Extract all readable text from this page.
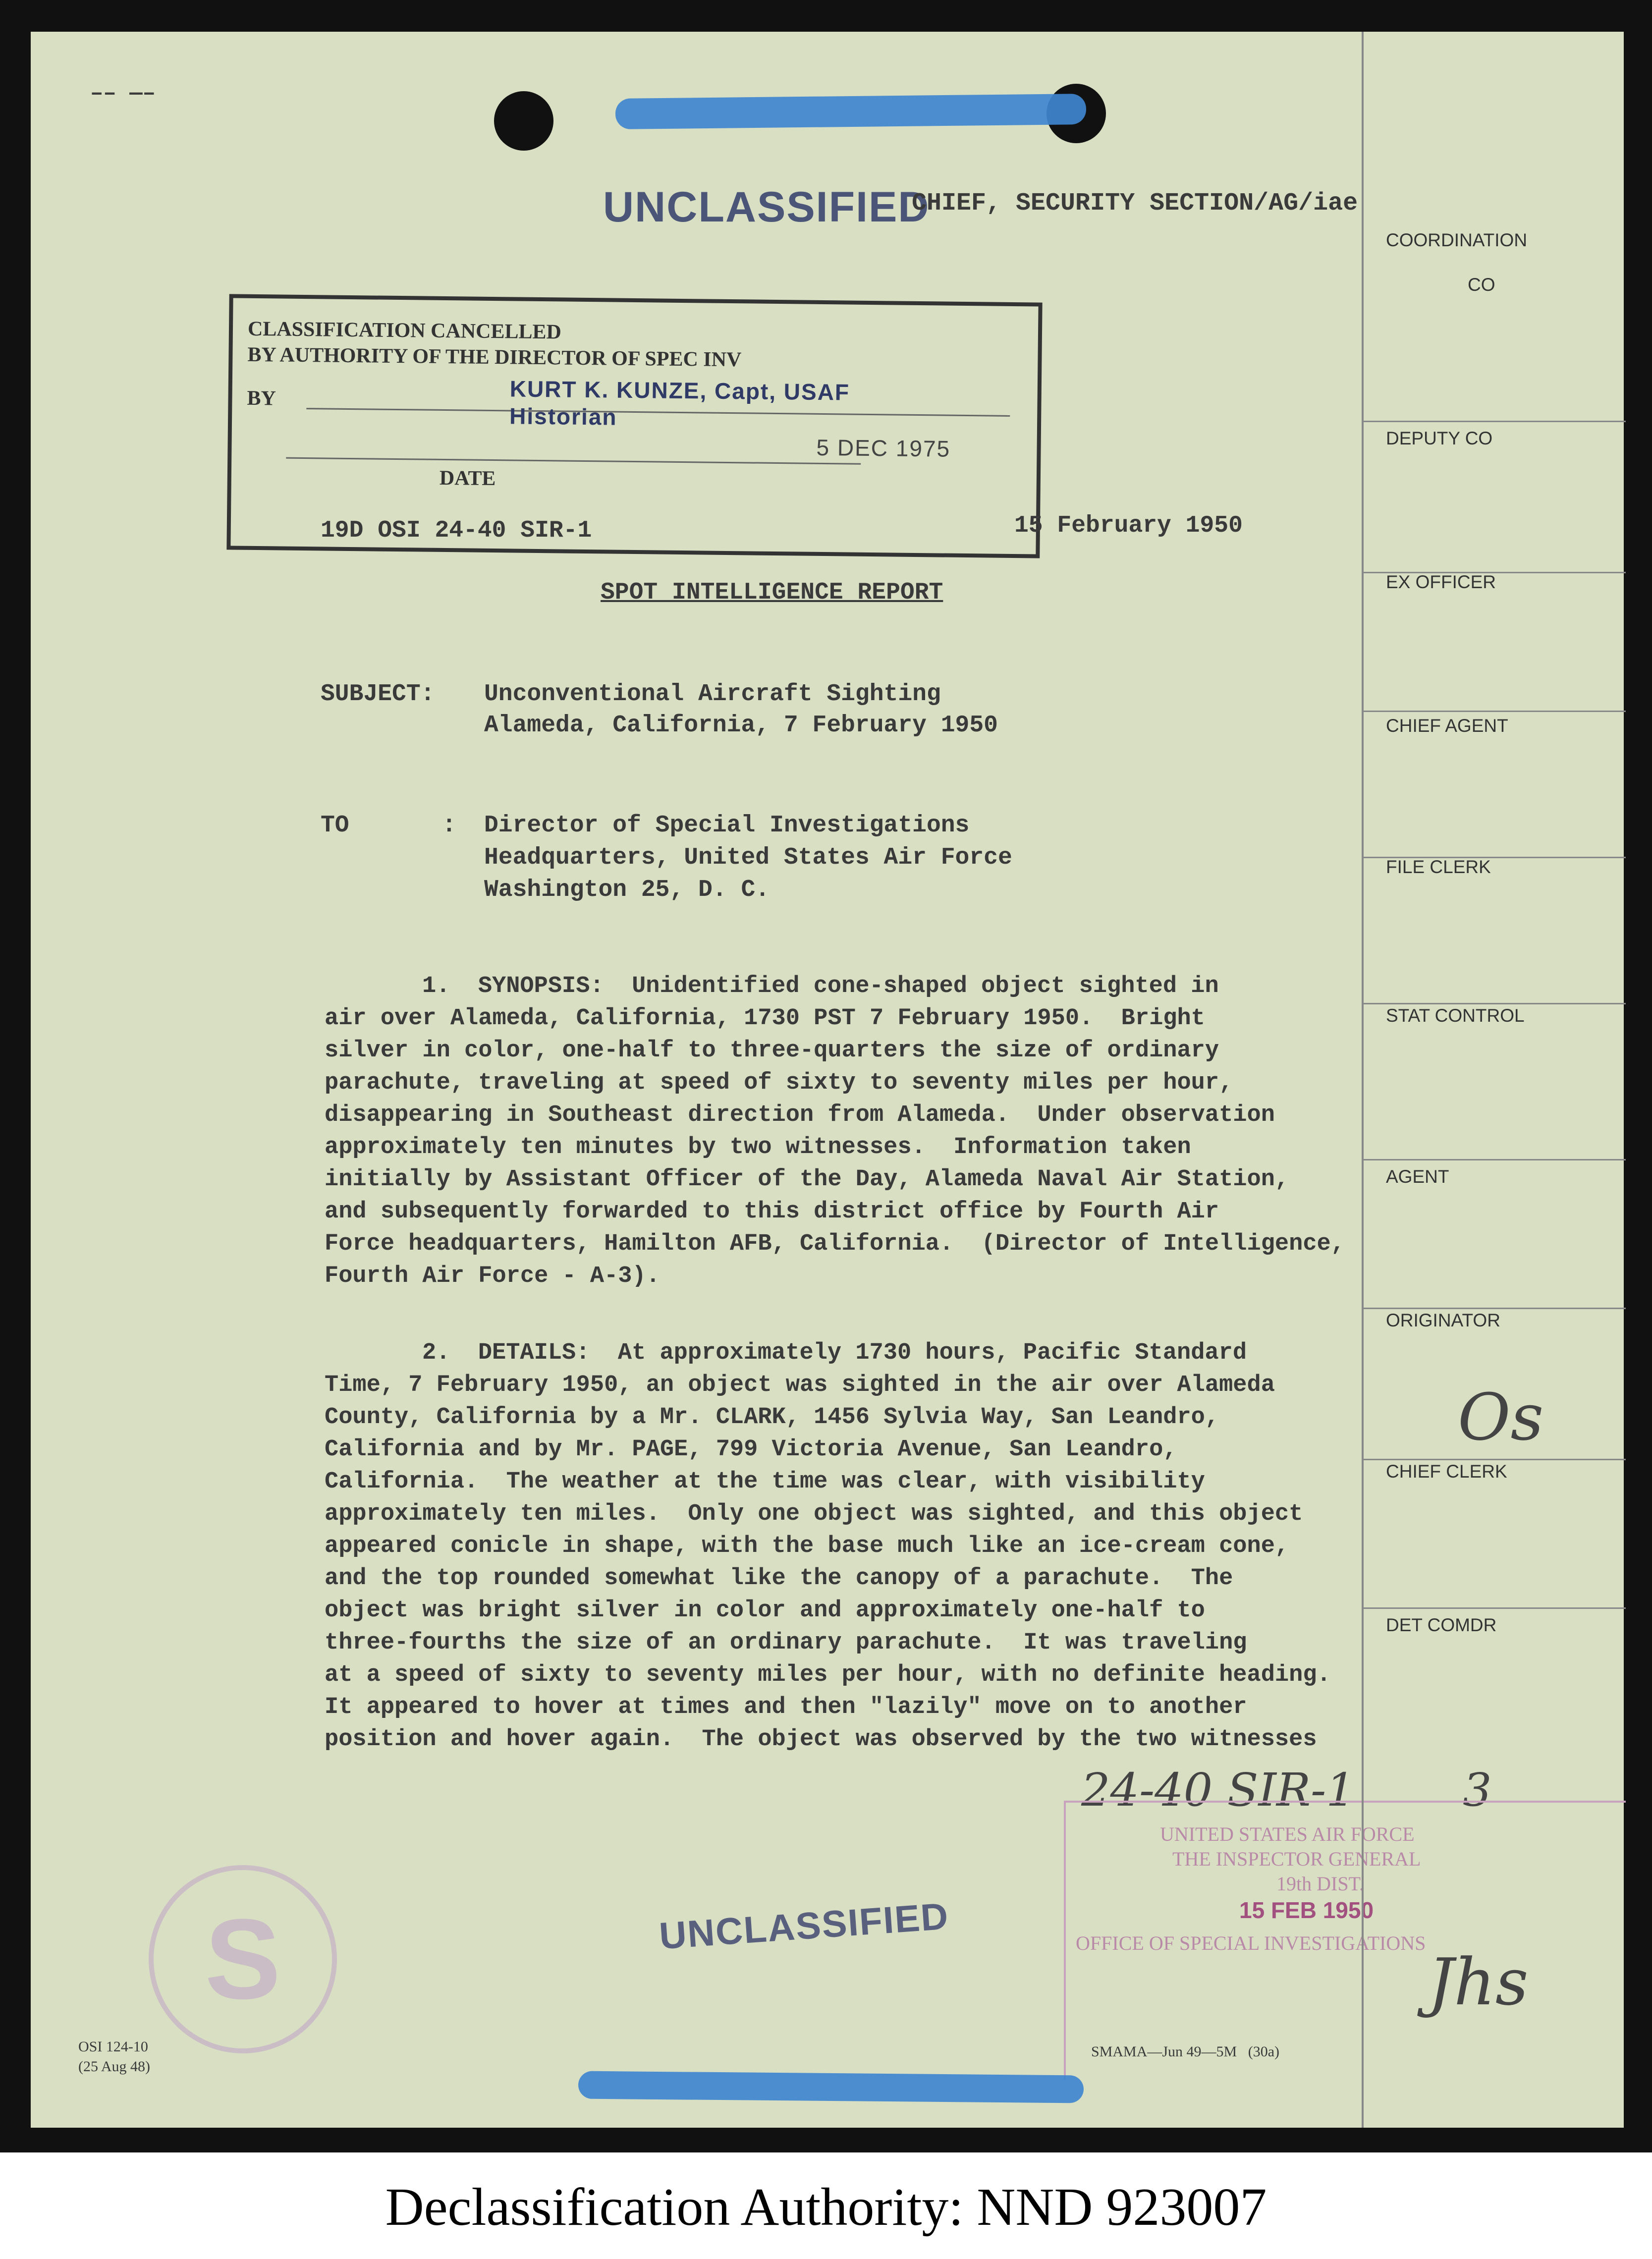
–– —–
UNCLASSIFIED
CHIEF, SECURITY SECTION/AG/iae
CLASSIFICATION CANCELLED
BY AUTHORITY OF THE DIRECTOR OF SPEC INV
BY	KURT K. KUNZE, Capt, USAF
Historian
5 DEC 1975
DATE
19D OSI 24-40 SIR-1	15 February 1950
SPOT INTELLIGENCE REPORT
SUBJECT: Unconventional Aircraft Sighting
Alameda, California, 7 February 1950
TO	: Director of Special Investigations
Headquarters, United States Air Force
Washington 25, D. C.
1.  SYNOPSIS:  Unidentified cone-shaped object sighted in
air over Alameda, California, 1730 PST 7 February 1950.  Bright
silver in color, one-half to three-quarters the size of ordinary
parachute, traveling at speed of sixty to seventy miles per hour,
disappearing in Southeast direction from Alameda.  Under observation
approximately ten minutes by two witnesses.  Information taken
initially by Assistant Officer of the Day, Alameda Naval Air Station,
and subsequently forwarded to this district office by Fourth Air
Force headquarters, Hamilton AFB, California.  (Director of Intelligence,
Fourth Air Force - A-3).
2.  DETAILS:  At approximately 1730 hours, Pacific Standard
Time, 7 February 1950, an object was sighted in the air over Alameda
County, California by a Mr. CLARK, 1456 Sylvia Way, San Leandro,
California and by Mr. PAGE, 799 Victoria Avenue, San Leandro,
California.  The weather at the time was clear, with visibility
approximately ten miles.  Only one object was sighted, and this object
appeared conicle in shape, with the base much like an ice-cream cone,
and the top rounded somewhat like the canopy of a parachute.  The
object was bright silver in color and approximately one-half to
three-fourths the size of an ordinary parachute.  It was traveling
at a speed of sixty to seventy miles per hour, with no definite heading.
It appeared to hover at times and then "lazily" move on to another
position and hover again.  The object was observed by the two witnesses
24-40 SIR-1 3
UNITED STATES AIR FORCE
THE INSPECTOR GENERAL
19th DIST.
15 FEB 1950
OFFICE OF SPECIAL INVESTIGATIONS
S	UNCLASSIFIED
OSI 124-10
(25 Aug 48)
SMAMA—Jun 49—5M   (30a)
Os
Jhs
COORDINATION
CO
DEPUTY CO
EX OFFICER
CHIEF AGENT
FILE CLERK
STAT CONTROL
AGENT
ORIGINATOR
CHIEF CLERK
DET COMDR
Declassification Authority: NND 923007
